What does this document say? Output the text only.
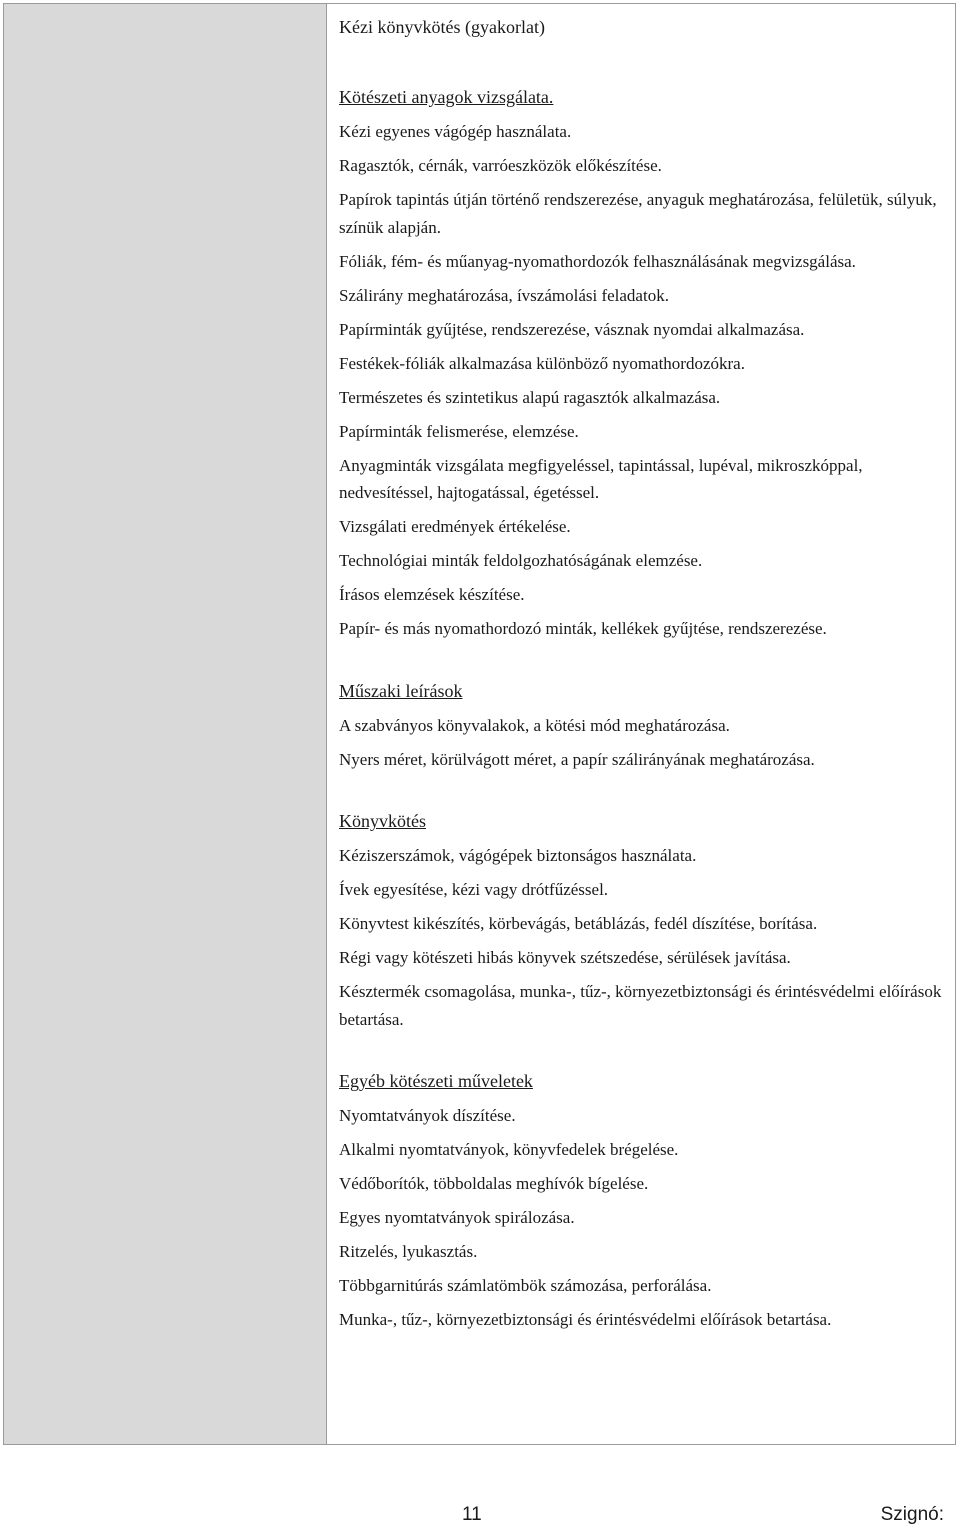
Kézi könyvkötés (gyakorlat)
Kötészeti anyagok vizsgálata.
Kézi egyenes vágógép használata.
Ragasztók, cérnák, varróeszközök előkészítése.
Papírok tapintás útján történő rendszerezése, anyaguk meghatározása, felületük, súlyuk, színük alapján.
Fóliák, fém- és műanyag-nyomathordozók felhasználásának megvizsgálása.
Szálirány meghatározása, ívszámolási feladatok.
Papírminták gyűjtése, rendszerezése, vásznak nyomdai alkalmazása.
Festékek-fóliák alkalmazása különböző nyomathordozókra.
Természetes és szintetikus alapú ragasztók alkalmazása.
Papírminták felismerése, elemzése.
Anyagminták vizsgálata megfigyeléssel, tapintással, lupéval, mikroszkóppal, nedvesítéssel, hajtogatással, égetéssel.
Vizsgálati eredmények értékelése.
Technológiai minták feldolgozhatóságának elemzése.
Írásos elemzések készítése.
Papír- és más nyomathordozó minták, kellékek gyűjtése, rendszerezése.
Műszaki leírások
A szabványos könyvalakok, a kötési mód meghatározása.
Nyers méret, körülvágott méret, a papír szálirányának meghatározása.
Könyvkötés
Kéziszerszámok, vágógépek biztonságos használata.
Ívek egyesítése, kézi vagy drótfűzéssel.
Könyvtest kikészítés, körbevágás, betáblázás, fedél díszítése, borítása.
Régi vagy kötészeti hibás könyvek szétszedése, sérülések javítása.
Késztermék csomagolása, munka-, tűz-, környezetbiztonsági és érintésvédelmi előírások betartása.
Egyéb kötészeti műveletek
Nyomtatványok díszítése.
Alkalmi nyomtatványok, könyvfedelek brégelése.
Védőborítók, többoldalas meghívók bígelése.
Egyes nyomtatványok spirálozása.
Ritzelés, lyukasztás.
Többgarnitúrás számlatömbök számozása, perforálása.
Munka-, tűz-, környezetbiztonsági és érintésvédelmi előírások betartása.
11	Szignó:
